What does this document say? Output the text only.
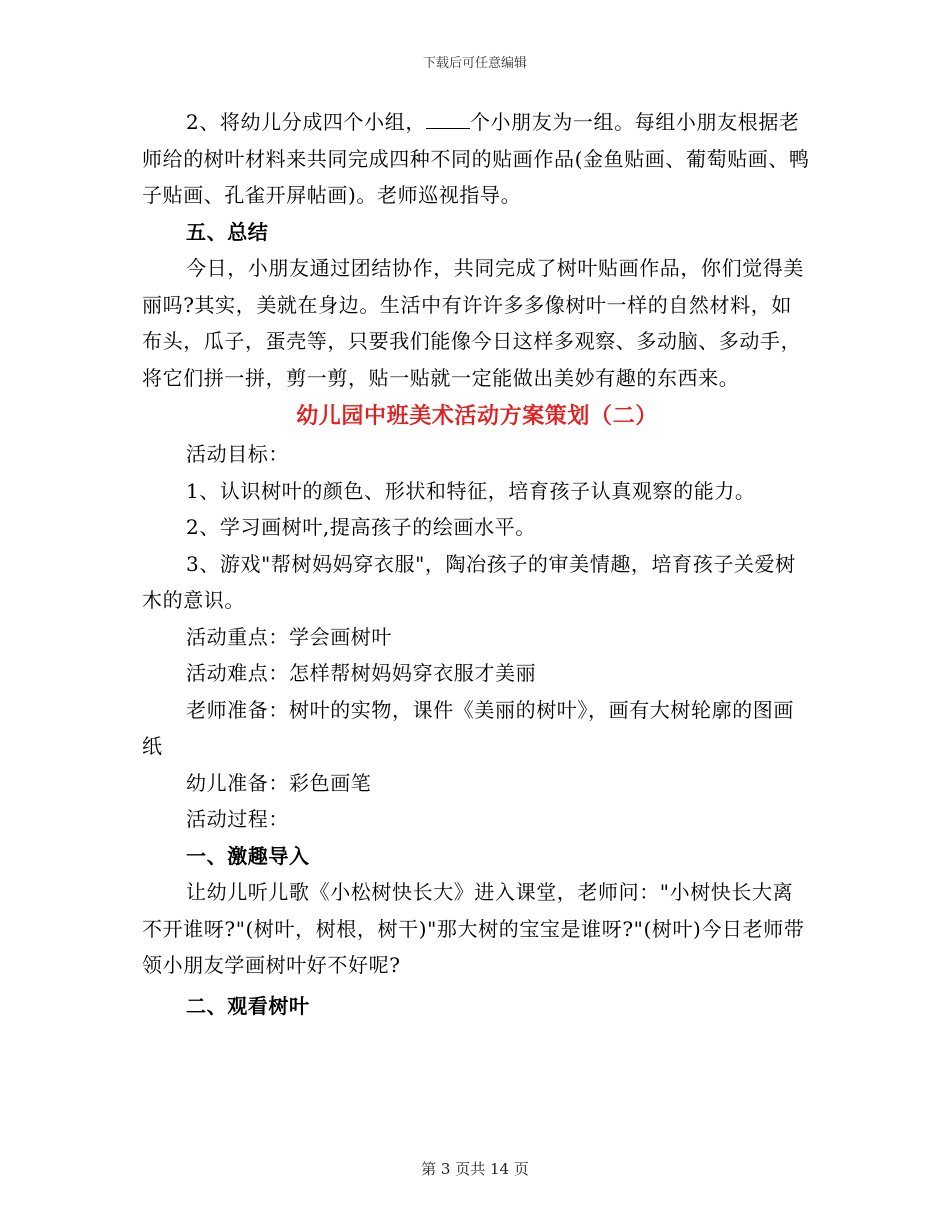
下载后可任意编辑

2、将幼儿分成四个小组， 个小朋友为一组。每组小朋友根据老师给的树叶材料来共同完成四种不同的贴画作品(金鱼贴画、葡萄贴画、鸭子贴画、孔雀开屏帖画)。老师巡视指导。

五、总结

今日，小朋友通过团结协作，共同完成了树叶贴画作品，你们觉得美丽吗?其实，美就在身边。生活中有许许多多像树叶一样的自然材料，如布头，瓜子，蛋壳等，只要我们能像今日这样多观察、多动脑、多动手，将它们拼一拼，剪一剪，贴一贴就一定能做出美妙有趣的东西来。

幼儿园中班美术活动方案策划（二）

活动目标：

1、认识树叶的颜色、形状和特征，培育孩子认真观察的能力。

2、学习画树叶,提高孩子的绘画水平。

3、游戏"帮树妈妈穿衣服"，陶冶孩子的审美情趣，培育孩子关爱树木的意识。

活动重点：学会画树叶

活动难点：怎样帮树妈妈穿衣服才美丽

老师准备：树叶的实物，课件《美丽的树叶》，画有大树轮廓的图画纸

幼儿准备：彩色画笔

活动过程：

一、激趣导入

让幼儿听儿歌《小松树快长大》进入课堂，老师问："小树快长大离不开谁呀?"(树叶，树根，树干)"那大树的宝宝是谁呀?"(树叶)今日老师带领小朋友学画树叶好不好呢?

二、观看树叶

第 3 页共 14 页
